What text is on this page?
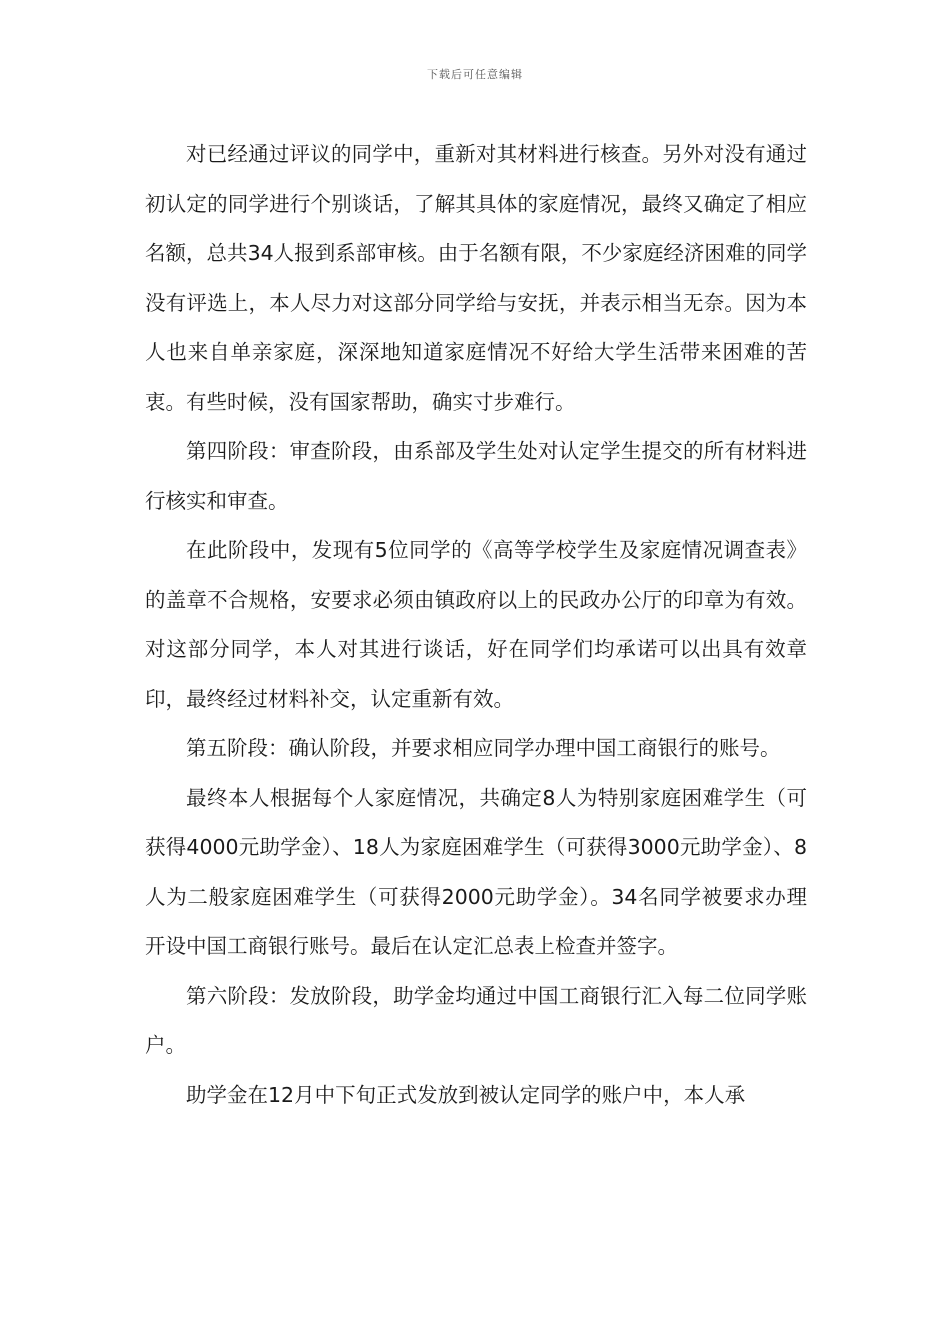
下载后可任意编辑

对已经通过评议的同学中，重新对其材料进行核查。另外对没有通过初认定的同学进行个别谈话，了解其具体的家庭情况，最终又确定了相应名额，总共34人报到系部审核。由于名额有限，不少家庭经济困难的同学没有评选上，本人尽力对这部分同学给与安抚，并表示相当无奈。因为本人也来自单亲家庭，深深地知道家庭情况不好给大学生活带来困难的苦衷。有些时候，没有国家帮助，确实寸步难行。

第四阶段：审查阶段，由系部及学生处对认定学生提交的所有材料进行核实和审查。

在此阶段中，发现有5位同学的《高等学校学生及家庭情况调查表》的盖章不合规格，安要求必须由镇政府以上的民政办公厅的印章为有效。对这部分同学，本人对其进行谈话，好在同学们均承诺可以出具有效章印，最终经过材料补交，认定重新有效。

第五阶段：确认阶段，并要求相应同学办理中国工商银行的账号。

最终本人根据每个人家庭情况，共确定8人为特别家庭困难学生（可获得4000元助学金）、18人为家庭困难学生（可获得3000元助学金）、8人为二般家庭困难学生（可获得2000元助学金）。34名同学被要求办理开设中国工商银行账号。最后在认定汇总表上检查并签字。

第六阶段：发放阶段，助学金均通过中国工商银行汇入每二位同学账户。

助学金在12月中下旬正式发放到被认定同学的账户中，本人承
